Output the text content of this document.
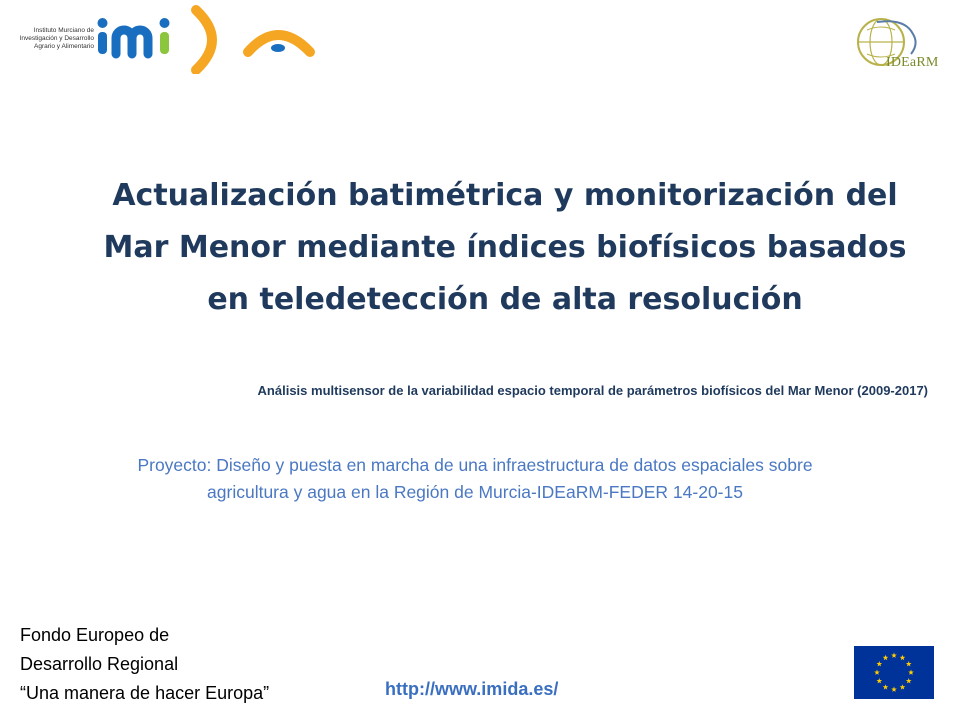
Instituto Murciano de
Investigación y Desarrollo
Agrario y Alimentario
IDEaRM
Actualización batimétrica y monitorización del
Mar Menor mediante índices biofísicos basados
en teledetección de alta resolución
Análisis multisensor de la variabilidad espacio temporal de parámetros biofísicos del Mar Menor (2009-2017)
Proyecto: Diseño y puesta en marcha de una infraestructura de datos espaciales sobre
agricultura y agua en la Región de Murcia-IDEaRM-FEDER 14-20-15
Fondo Europeo de
Desarrollo Regional
“Una manera de hacer Europa”	http://www.imida.es/
